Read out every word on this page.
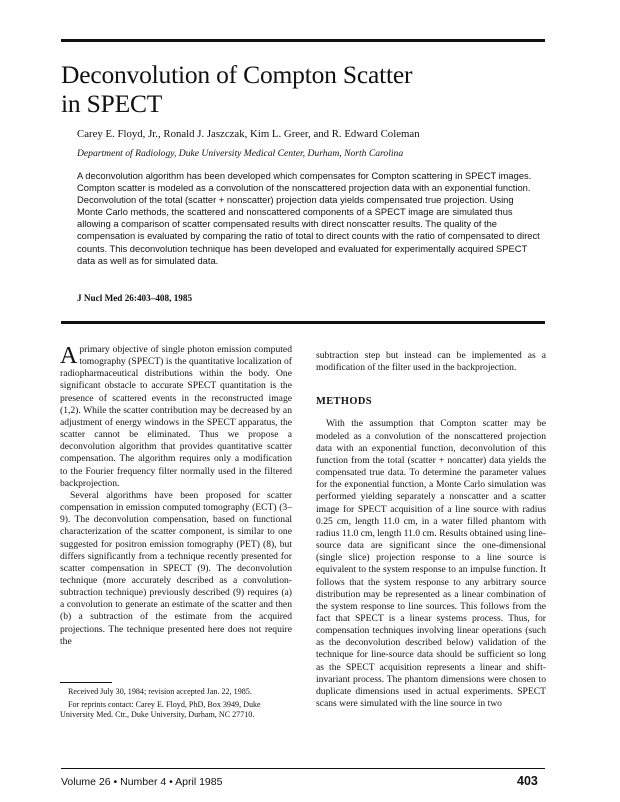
Deconvolution of Compton Scatter
in SPECT

Carey E. Floyd, Jr., Ronald J. Jaszczak, Kim L. Greer, and R. Edward Coleman

Department of Radiology, Duke University Medical Center, Durham, North Carolina

A deconvolution algorithm has been developed which compensates for Compton scattering in SPECT images. Compton scatter is modeled as a convolution of the nonscattered projection data with an exponential function. Deconvolution of the total (scatter + nonscatter) projection data yields compensated true projection. Using Monte Carlo methods, the scattered and nonscattered components of a SPECT image are simulated thus allowing a comparison of scatter compensated results with direct nonscatter results. The quality of the compensation is evaluated by comparing the ratio of total to direct counts with the ratio of compensated to direct counts. This deconvolution technique has been developed and evaluated for experimentally acquired SPECT data as well as for simulated data.

J Nucl Med 26:403–408, 1985

Aprimary objective of single photon emission computed tomography (SPECT) is the quantitative localization of radiopharmaceutical distributions within the body. One significant obstacle to accurate SPECT quantitation is the presence of scattered events in the reconstructed image (1,2). While the scatter contribution may be decreased by an adjustment of energy windows in the SPECT apparatus, the scatter cannot be eliminated. Thus we propose a deconvolution algorithm that provides quantitative scatter compensation. The algorithm requires only a modification to the Fourier frequency filter normally used in the filtered backprojection.

Several algorithms have been proposed for scatter compensation in emission computed tomography (ECT) (3–9). The deconvolution compensation, based on functional characterization of the scatter component, is similar to one suggested for positron emission tomography (PET) (8), but differs significantly from a technique recently presented for scatter compensation in SPECT (9). The deconvolution technique (more accurately described as a convolution-subtraction technique) previously described (9) requires (a) a convolution to generate an estimate of the scatter and then (b) a subtraction of the estimate from the acquired projections. The technique presented here does not require the

subtraction step but instead can be implemented as a modification of the filter used in the backprojection.

METHODS

With the assumption that Compton scatter may be modeled as a convolution of the nonscattered projection data with an exponential function, deconvolution of this function from the total (scatter + noncatter) data yields the compensated true data. To determine the parameter values for the exponential function, a Monte Carlo simulation was performed yielding separately a nonscatter and a scatter image for SPECT acquisition of a line source with radius 0.25 cm, length 11.0 cm, in a water filled phantom with radius 11.0 cm, length 11.0 cm. Results obtained using line-source data are significant since the one-dimensional (single slice) projection response to a line source is equivalent to the system response to an impulse function. It follows that the system response to any arbitrary source distribution may be represented as a linear combination of the system response to line sources. This follows from the fact that SPECT is a linear systems process. Thus, for compensation techniques involving linear operations (such as the deconvolution described below) validation of the technique for line-source data should be sufficient so long as the SPECT acquisition represents a linear and shift-invariant process. The phantom dimensions were chosen to duplicate dimensions used in actual experiments. SPECT scans were simulated with the line source in two

Received July 30, 1984; revision accepted Jan. 22, 1985.

For reprints contact: Carey E. Floyd, PhD, Box 3949, Duke University Med. Ctr., Duke University, Durham, NC 27710.

Volume 26 • Number 4 • April 1985	403
